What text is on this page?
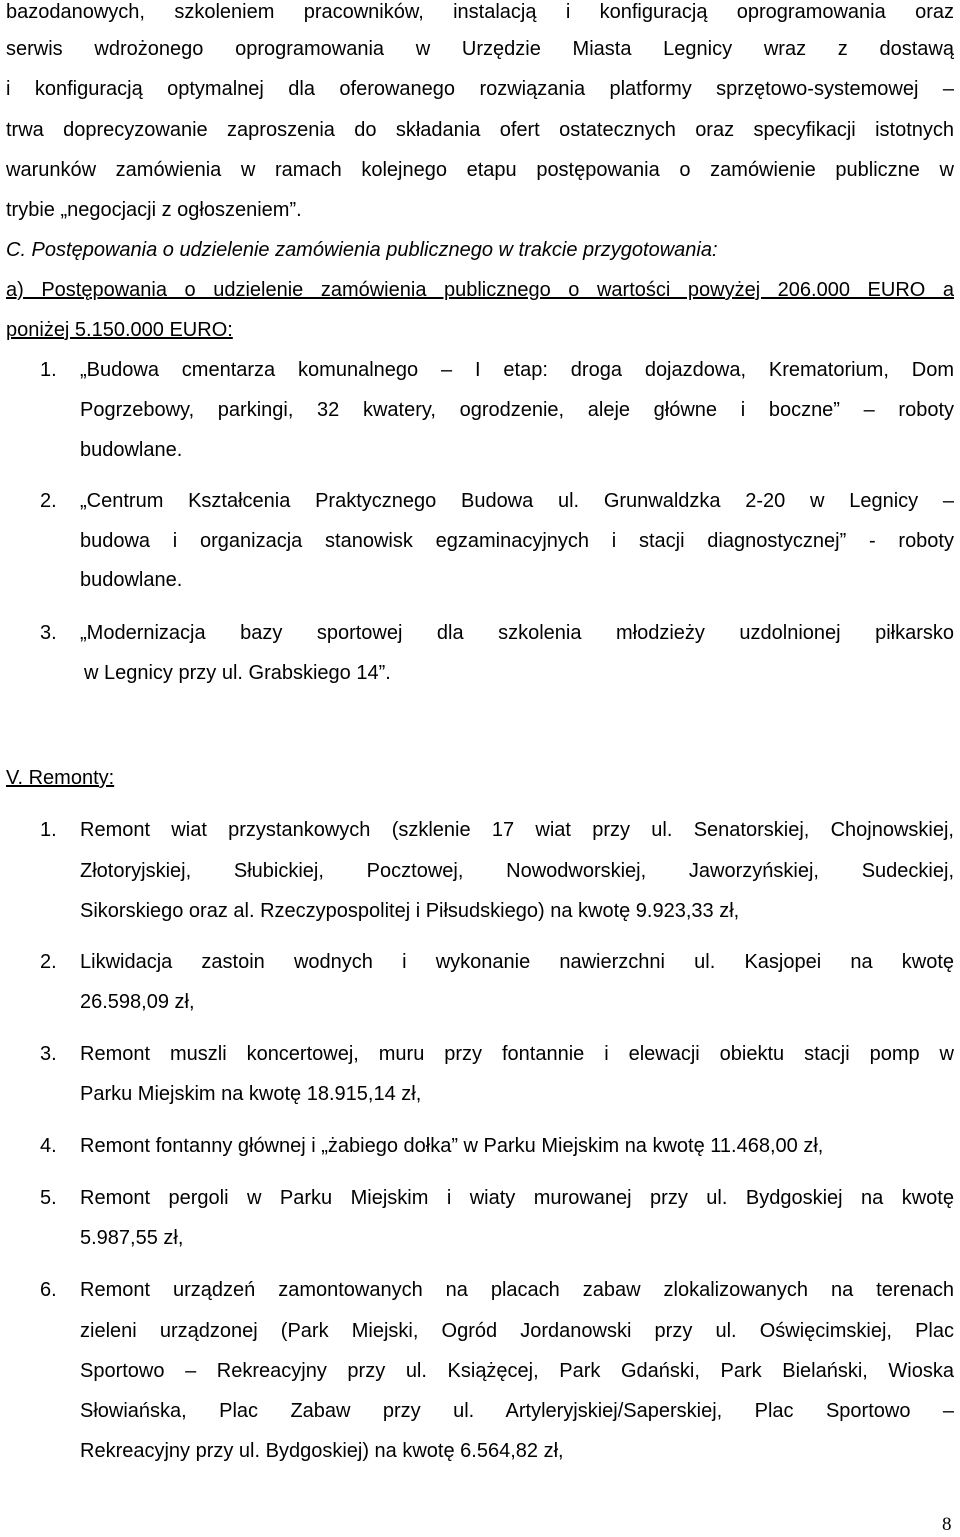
bazodanowych, szkoleniem pracowników, instalacją i konfiguracją oprogramowania oraz
serwis wdrożonego oprogramowania w Urzędzie Miasta Legnicy wraz z dostawą
i konfiguracją optymalnej dla oferowanego rozwiązania platformy sprzętowo-systemowej –
trwa doprecyzowanie zaproszenia do składania ofert ostatecznych oraz specyfikacji istotnych
warunków zamówienia w ramach kolejnego etapu postępowania o zamówienie publiczne w
trybie „negocjacji z ogłoszeniem”.
C. Postępowania o udzielenie zamówienia publicznego w trakcie przygotowania:
a) Postępowania o udzielenie zamówienia publicznego o wartości powyżej 206.000 EURO a
poniżej 5.150.000 EURO:
1. „Budowa cmentarza komunalnego – I etap: droga dojazdowa, Krematorium, Dom
Pogrzebowy, parkingi, 32 kwatery, ogrodzenie, aleje główne i boczne” – roboty
budowlane.
2. „Centrum Kształcenia Praktycznego Budowa ul. Grunwaldzka 2-20 w Legnicy –
budowa i organizacja stanowisk egzaminacyjnych i stacji diagnostycznej” - roboty
budowlane.
3. „Modernizacja bazy sportowej dla szkolenia młodzieży uzdolnionej piłkarsko
w Legnicy przy ul. Grabskiego 14”.
V. Remonty:
1. Remont wiat przystankowych (szklenie 17 wiat przy ul. Senatorskiej, Chojnowskiej,
Złotoryjskiej, Słubickiej, Pocztowej, Nowodworskiej, Jaworzyńskiej, Sudeckiej,
Sikorskiego oraz al. Rzeczypospolitej i Piłsudskiego) na kwotę 9.923,33 zł,
2. Likwidacja zastoin wodnych i wykonanie nawierzchni ul. Kasjopei na kwotę
26.598,09 zł,
3. Remont muszli koncertowej, muru przy fontannie i elewacji obiektu stacji pomp w
Parku Miejskim na kwotę 18.915,14 zł,
4. Remont fontanny głównej i „żabiego dołka” w Parku Miejskim na kwotę 11.468,00 zł,
5. Remont pergoli w Parku Miejskim i wiaty murowanej przy ul. Bydgoskiej na kwotę
5.987,55 zł,
6. Remont urządzeń zamontowanych na placach zabaw zlokalizowanych na terenach
zieleni urządzonej (Park Miejski, Ogród Jordanowski przy ul. Oświęcimskiej, Plac
Sportowo – Rekreacyjny przy ul. Książęcej, Park Gdański, Park Bielański, Wioska
Słowiańska, Plac Zabaw przy ul. Artyleryjskiej/Saperskiej, Plac Sportowo –
Rekreacyjny przy ul. Bydgoskiej) na kwotę 6.564,82 zł,
8
